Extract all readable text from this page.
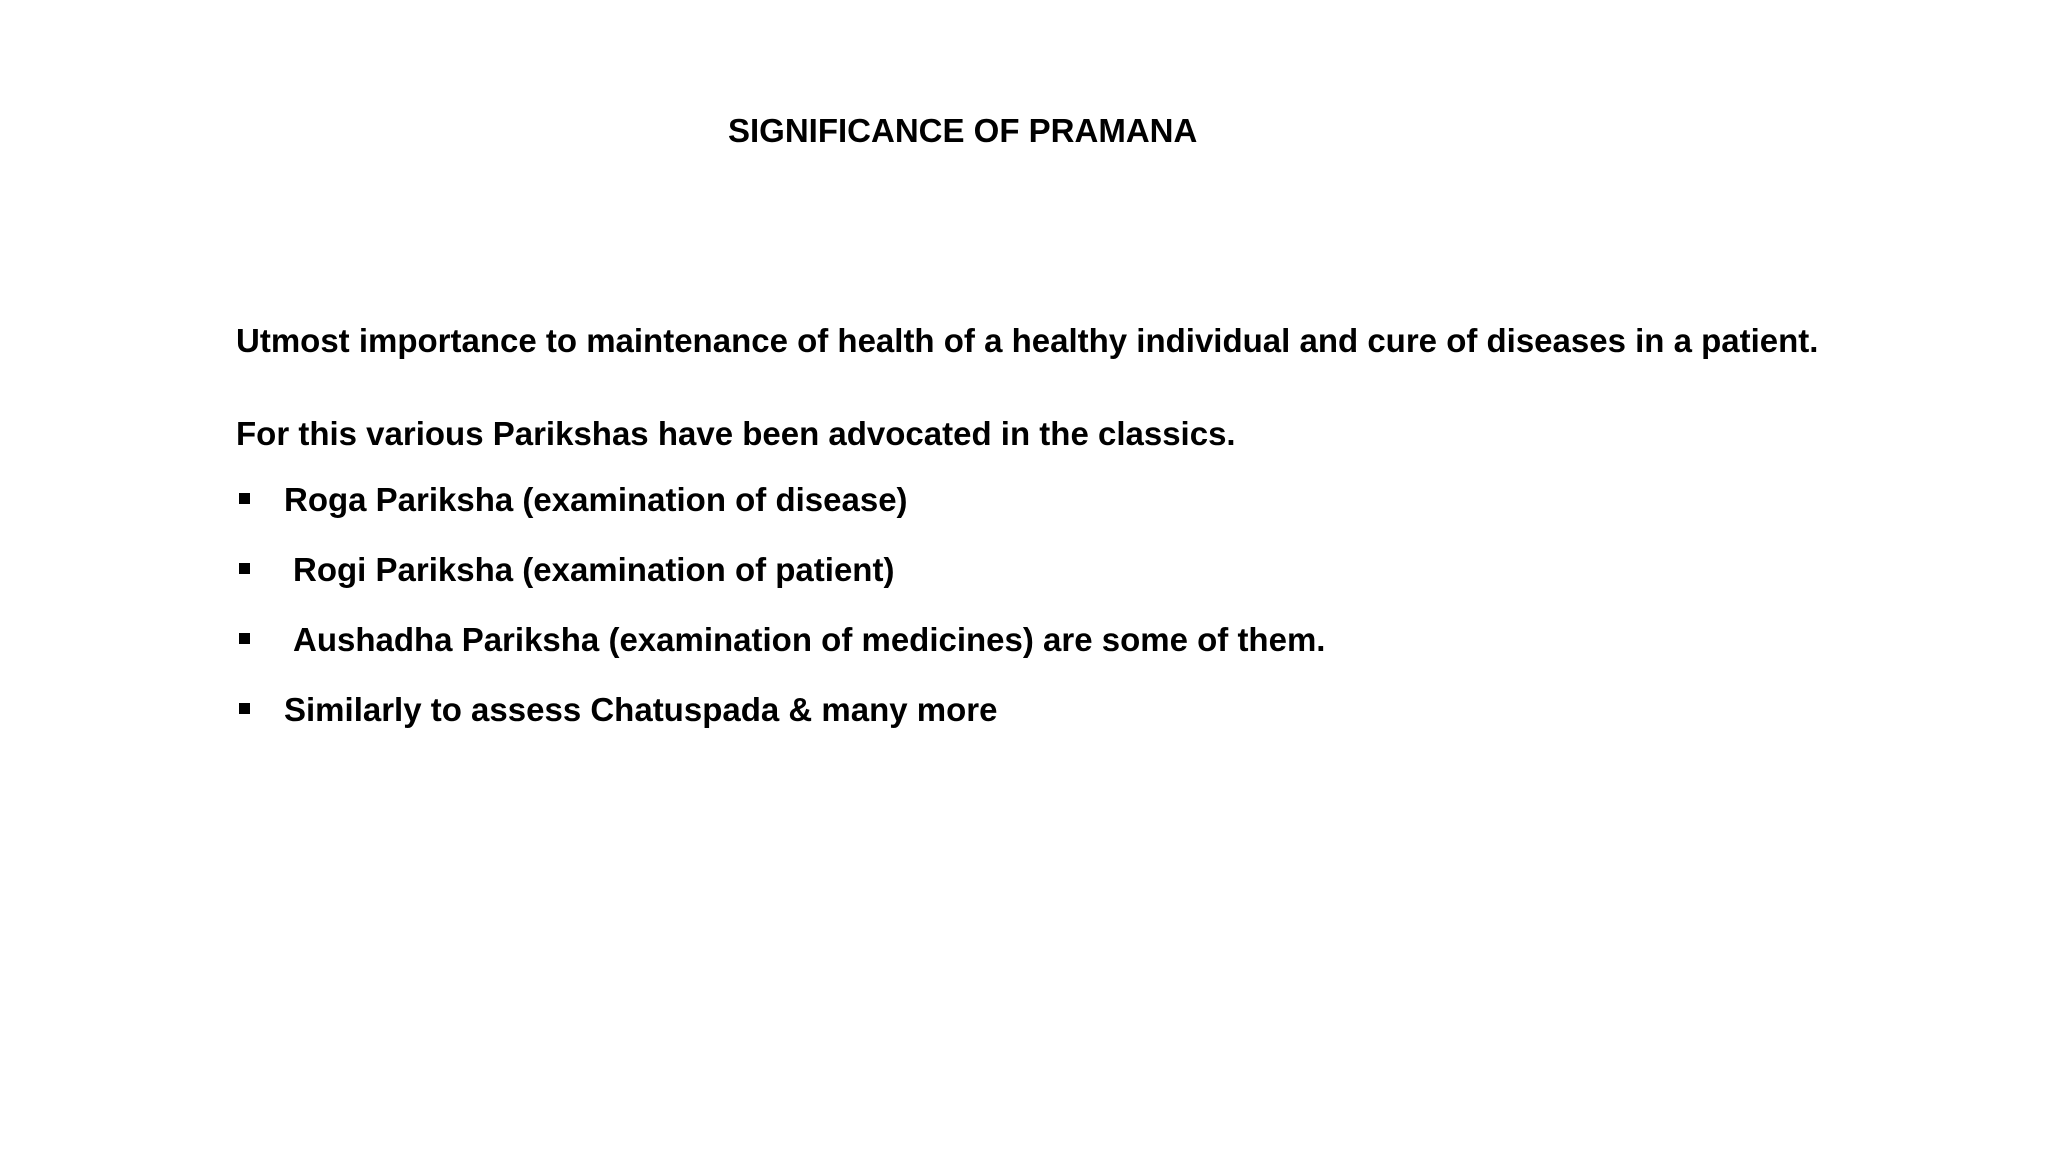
SIGNIFICANCE OF PRAMANA
Utmost importance to maintenance of health of a healthy individual and cure of diseases in a patient.
For this various Parikshas have been advocated in the classics.
Roga Pariksha (examination of disease)
Rogi Pariksha (examination of patient)
Aushadha Pariksha (examination of medicines) are some of them.
Similarly to assess Chatuspada & many more
